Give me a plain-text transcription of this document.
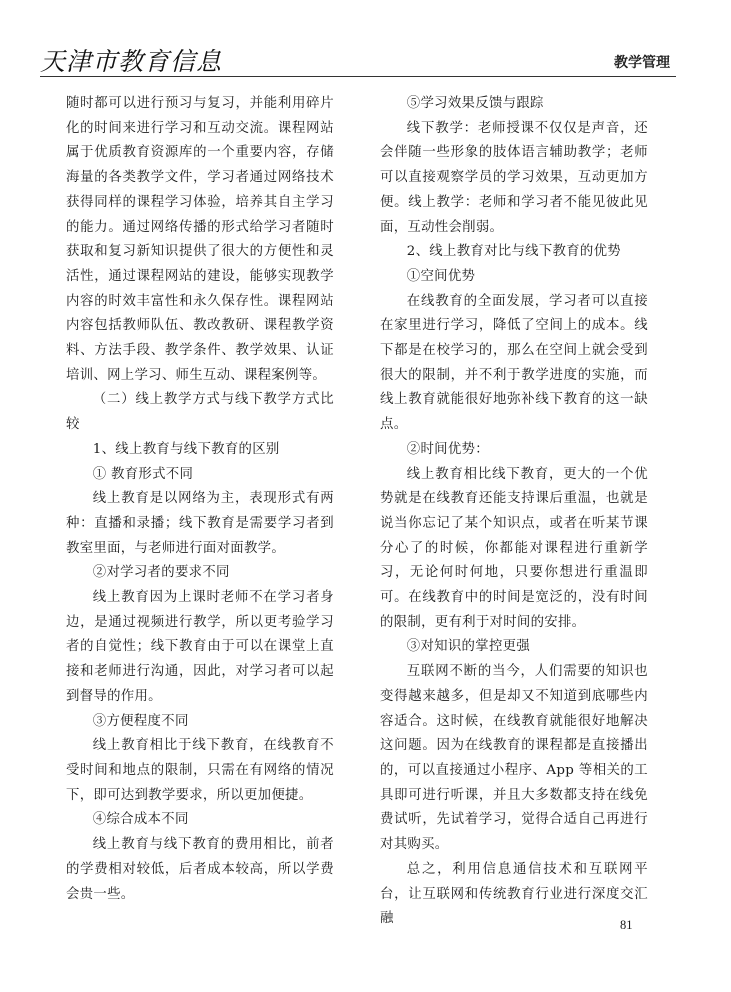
天津市教育信息	教学管理

随时都可以进行预习与复习，并能利用碎片化的时间来进行学习和互动交流。课程网站属于优质教育资源库的一个重要内容，存储海量的各类教学文件，学习者通过网络技术获得同样的课程学习体验，培养其自主学习的能力。通过网络传播的形式给学习者随时获取和复习新知识提供了很大的方便性和灵活性，通过课程网站的建设，能够实现教学内容的时效丰富性和永久保存性。课程网站内容包括教师队伍、教改教研、课程教学资料、方法手段、教学条件、教学效果、认证培训、网上学习、师生互动、课程案例等。

（二）线上教学方式与线下教学方式比较

1、线上教育与线下教育的区别

① 教育形式不同

线上教育是以网络为主，表现形式有两种：直播和录播；线下教育是需要学习者到教室里面，与老师进行面对面教学。

②对学习者的要求不同

线上教育因为上课时老师不在学习者身边，是通过视频进行教学，所以更考验学习者的自觉性；线下教育由于可以在课堂上直接和老师进行沟通，因此，对学习者可以起到督导的作用。

③方便程度不同

线上教育相比于线下教育，在线教育不受时间和地点的限制，只需在有网络的情况下，即可达到教学要求，所以更加便捷。

④综合成本不同

线上教育与线下教育的费用相比，前者的学费相对较低，后者成本较高，所以学费会贵一些。

⑤学习效果反馈与跟踪

线下教学：老师授课不仅仅是声音，还会伴随一些形象的肢体语言辅助教学；老师可以直接观察学员的学习效果，互动更加方便。线上教学：老师和学习者不能见彼此见面，互动性会削弱。

2、线上教育对比与线下教育的优势

①空间优势

在线教育的全面发展，学习者可以直接在家里进行学习，降低了空间上的成本。线下都是在校学习的，那么在空间上就会受到很大的限制，并不利于教学进度的实施，而线上教育就能很好地弥补线下教育的这一缺点。

②时间优势：

线上教育相比线下教育，更大的一个优势就是在线教育还能支持课后重温，也就是说当你忘记了某个知识点，或者在听某节课分心了的时候，你都能对课程进行重新学习，无论何时何地，只要你想进行重温即可。在线教育中的时间是宽泛的，没有时间的限制，更有利于对时间的安排。

③对知识的掌控更强

互联网不断的当今，人们需要的知识也变得越来越多，但是却又不知道到底哪些内容适合。这时候，在线教育就能很好地解决这问题。因为在线教育的课程都是直接播出的，可以直接通过小程序、App 等相关的工具即可进行听课，并且大多数都支持在线免费试听，先试着学习，觉得合适自己再进行对其购买。

总之，利用信息通信技术和互联网平台，让互联网和传统教育行业进行深度交汇融	81
